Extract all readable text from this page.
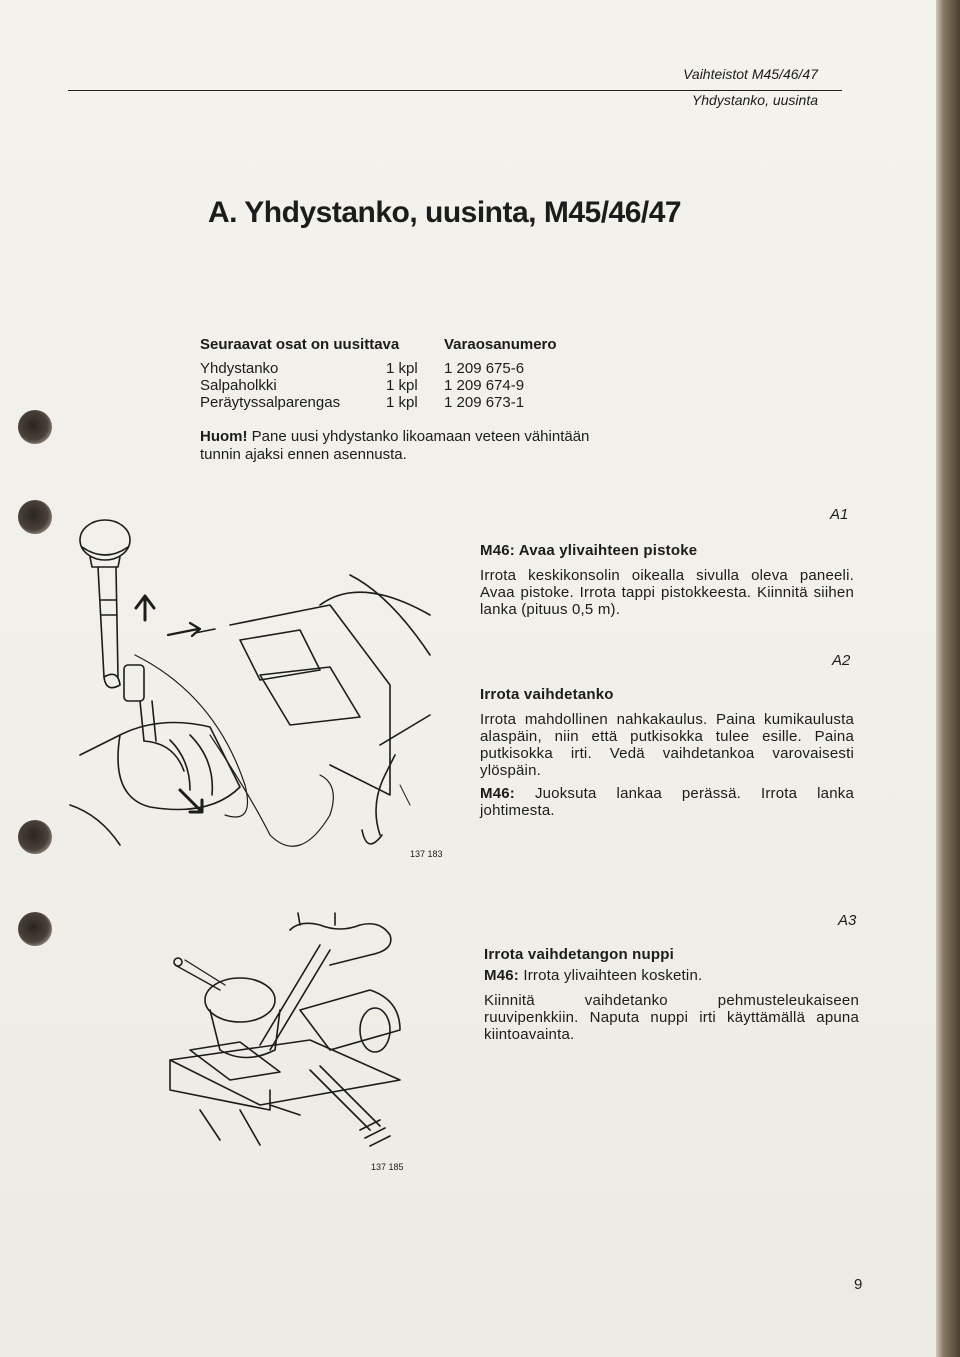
Vaihteistot M45/46/47
Yhdystanko, uusinta
A. Yhdystanko, uusinta, M45/46/47
Seuraavat osat on uusittava	Varaosanumero
Yhdystanko	1 kpl 1 209 675-6
Salpaholkki	1 kpl 1 209 674-9
Peräytyssalparengas	1 kpl 1 209 673-1
Huom! Pane uusi yhdystanko likoamaan veteen vähintään tunnin ajaksi ennen asennusta.
137 183
137 185
A1
M46: Avaa ylivaihteen pistoke

Irrota keskikonsolin oikealla sivulla oleva paneeli. Avaa pistoke. Irrota tappi pistokkeesta. Kiinnitä siihen lanka (pituus 0,5 m).

A2
Irrota vaihdetanko

Irrota mahdollinen nahkakaulus. Paina kumikaulusta alaspäin, niin että putkisokka tulee esille. Paina putkisokka irti. Vedä vaihdetankoa varovaisesti ylöspäin.

M46: Juoksuta lankaa perässä. Irrota lanka johtimesta.

A3
Irrota vaihdetangon nuppi

M46: Irrota ylivaihteen kosketin.

Kiinnitä vaihdetanko pehmusteleukaiseen ruuvipenkkiin. Naputa nuppi irti käyttämällä apuna kiintoavainta.

9
